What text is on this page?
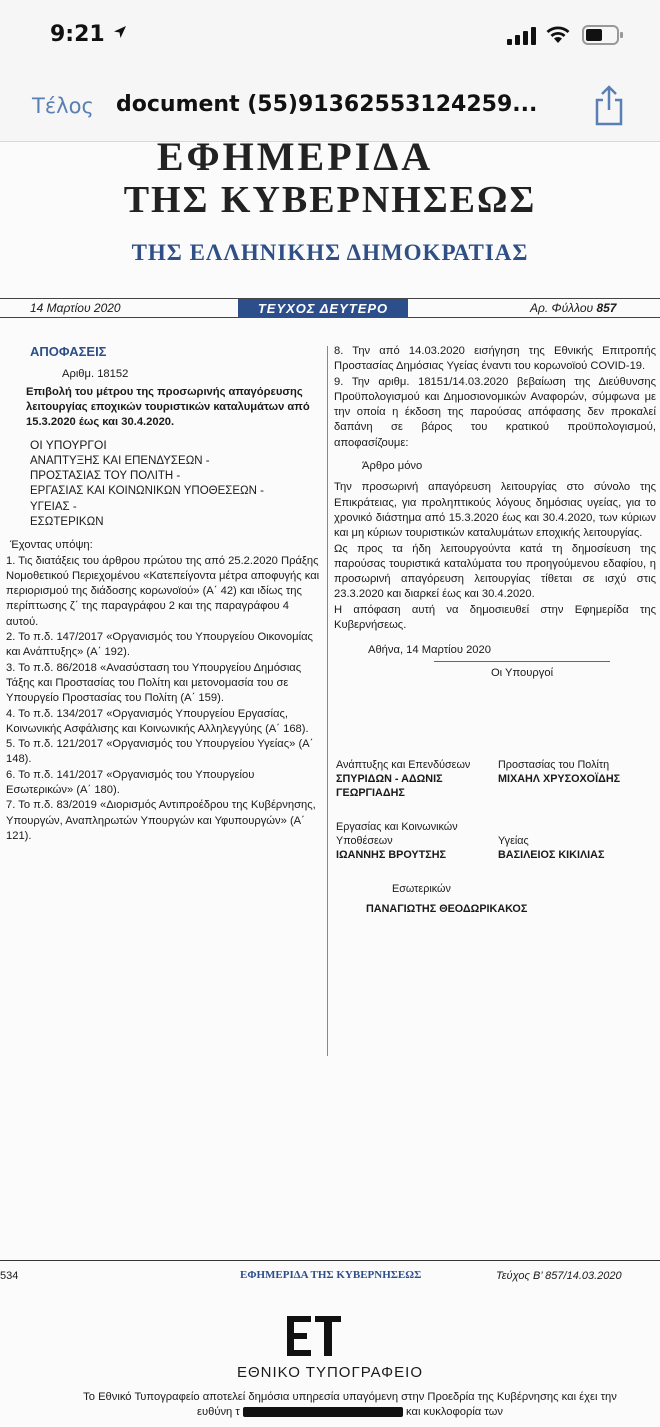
9:21
Τέλος document (55)91362553124259...
ΕΦΗΜΕΡΙΔΑ
ΤΗΣ ΚΥΒΕΡΝΗΣΕΩΣ
ΤΗΣ ΕΛΛΗΝΙΚΗΣ ΔΗΜΟΚΡΑΤΙΑΣ
14 Μαρτίου 2020	ΤΕΥΧΟΣ ΔΕΥΤΕΡΟ	Αρ. Φύλλου 857
ΑΠΟΦΑΣΕΙΣ
Αριθμ. 18152
Επιβολή του μέτρου της προσωρινής απαγόρευσης λειτουργίας εποχικών τουριστικών καταλυμάτων από 15.3.2020 έως και 30.4.2020.
ΟΙ ΥΠΟΥΡΓΟΙ
ΑΝΑΠΤΥΞΗΣ ΚΑΙ ΕΠΕΝΔΥΣΕΩΝ -
ΠΡΟΣΤΑΣΙΑΣ ΤΟΥ ΠΟΛΙΤΗ -
ΕΡΓΑΣΙΑΣ ΚΑΙ ΚΟΙΝΩΝΙΚΩΝ ΥΠΟΘΕΣΕΩΝ -
ΥΓΕΙΑΣ -
ΕΣΩΤΕΡΙΚΩΝ
Έχοντας υπόψη:
1. Τις διατάξεις του άρθρου πρώτου της από 25.2.2020 Πράξης Νομοθετικού Περιεχομένου «Κατεπείγοντα μέτρα αποφυγής και περιορισμού της διάδοσης κορωνοϊού» (Α΄ 42) και ιδίως της περίπτωσης ζ΄ της παραγράφου 2 και της παραγράφου 4 αυτού.
2. Το π.δ. 147/2017 «Οργανισμός του Υπουργείου Οικονομίας και Ανάπτυξης» (Α΄ 192).
3. Το π.δ. 86/2018 «Ανασύσταση του Υπουργείου Δημόσιας Τάξης και Προστασίας του Πολίτη και μετονομασία του σε Υπουργείο Προστασίας του Πολίτη (Α΄ 159).
4. Το π.δ. 134/2017 «Οργανισμός Υπουργείου Εργασίας, Κοινωνικής Ασφάλισης και Κοινωνικής Αλληλεγγύης (Α΄ 168).
5. Το π.δ. 121/2017 «Οργανισμός του Υπουργείου Υγείας» (Α΄ 148).
6. Το π.δ. 141/2017 «Οργανισμός του Υπουργείου Εσωτερικών» (Α΄ 180).
7. Το π.δ. 83/2019 «Διορισμός Αντιπροέδρου της Κυβέρνησης, Υπουργών, Αναπληρωτών Υπουργών και Υφυπουργών» (Α΄ 121).
8. Την από 14.03.2020 εισήγηση της Εθνικής Επιτροπής Προστασίας Δημόσιας Υγείας έναντι του κορωνοϊού COVID-19.
9. Την αριθμ. 18151/14.03.2020 βεβαίωση της Διεύθυνσης Προϋπολογισμού και Δημοσιονομικών Αναφορών, σύμφωνα με την οποία η έκδοση της παρούσας απόφασης δεν προκαλεί δαπάνη σε βάρος του κρατικού προϋπολογισμού, αποφασίζουμε:
Άρθρο μόνο
Την προσωρινή απαγόρευση λειτουργίας στο σύνολο της Επικράτειας, για προληπτικούς λόγους δημόσιας υγείας, για το χρονικό διάστημα από 15.3.2020 έως και 30.4.2020, των κύριων και μη κύριων τουριστικών καταλυμάτων εποχικής λειτουργίας.
Ως προς τα ήδη λειτουργούντα κατά τη δημοσίευση της παρούσας τουριστικά καταλύματα του προηγούμενου εδαφίου, η προσωρινή απαγόρευση λειτουργίας τίθεται σε ισχύ στις 23.3.2020 και διαρκεί έως και 30.4.2020.
Η απόφαση αυτή να δημοσιευθεί στην Εφημερίδα της Κυβερνήσεως.
Αθήνα, 14 Μαρτίου 2020
Οι Υπουργοί
Ανάπτυξης και Επενδύσεων
ΣΠΥΡΙΔΩΝ - ΑΔΩΝΙΣ ΓΕΩΡΓΙΑΔΗΣ
Προστασίας του Πολίτη
ΜΙΧΑΗΛ ΧΡΥΣΟΧΟΪΔΗΣ
Εργασίας και Κοινωνικών Υποθέσεων
ΙΩΑΝΝΗΣ ΒΡΟΥΤΣΗΣ
Υγείας
ΒΑΣΙΛΕΙΟΣ ΚΙΚΙΛΙΑΣ
Εσωτερικών
ΠΑΝΑΓΙΩΤΗΣ ΘΕΟΔΩΡΙΚΑΚΟΣ
534	ΕΦΗΜΕΡΙΔΑ ΤΗΣ ΚΥΒΕΡΝΗΣΕΩΣ	Τεύχος Β’ 857/14.03.2020
ΕΘΝΙΚΟ ΤΥΠΟΓΡΑΦΕΙΟ
Το Εθνικό Τυπογραφείο αποτελεί δημόσια υπηρεσία υπαγόμενη στην Προεδρία της Κυβέρνησης και έχει την ευθύνη τ	και κυκλοφορία των
